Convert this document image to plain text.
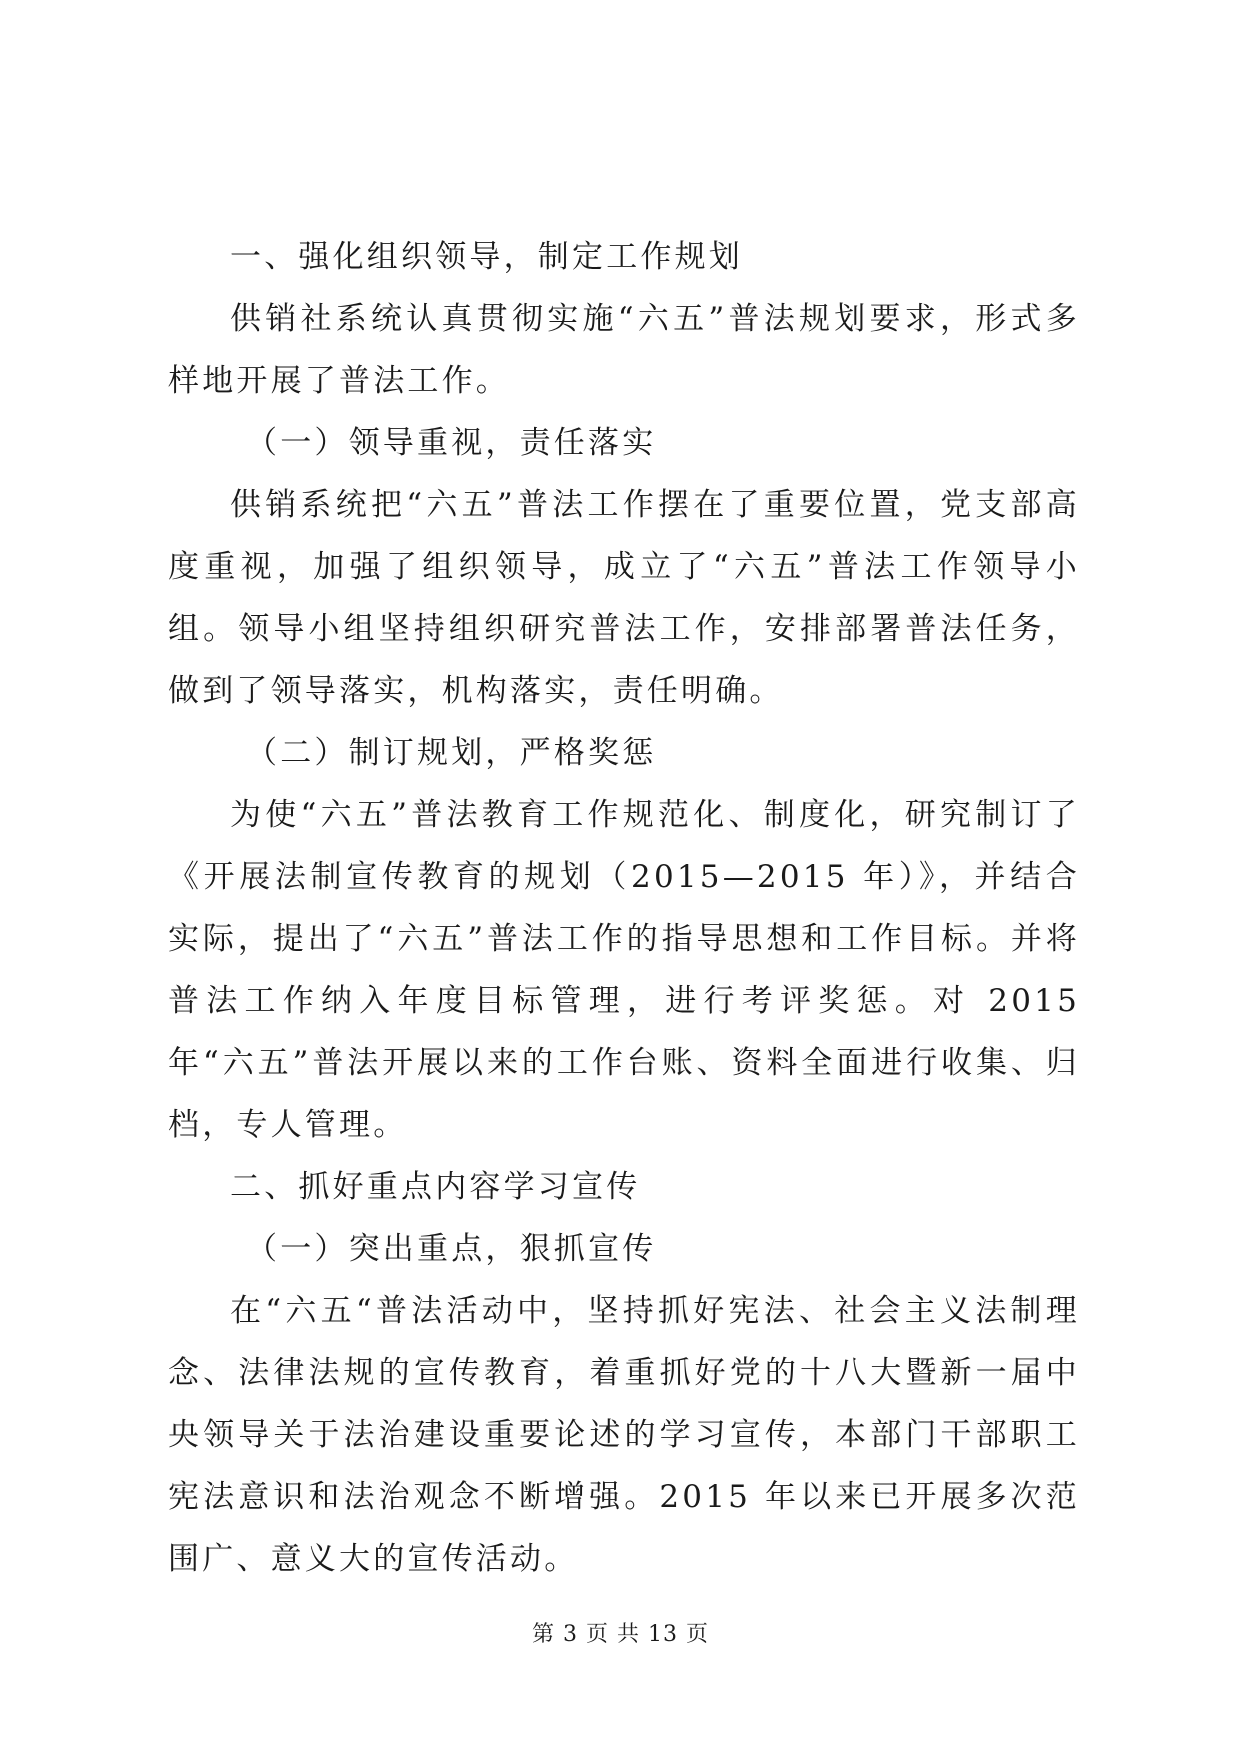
一、强化组织领导，制定工作规划

供销社系统认真贯彻实施“六五”普法规划要求，形式多样地开展了普法工作。

（一）领导重视，责任落实

供销系统把“六五”普法工作摆在了重要位置，党支部高度重视，加强了组织领导，成立了“六五”普法工作领导小组。领导小组坚持组织研究普法工作，安排部署普法任务，做到了领导落实，机构落实，责任明确。

（二）制订规划，严格奖惩

为使“六五”普法教育工作规范化、制度化，研究制订了《开展法制宣传教育的规划（2015—2015 年）》，并结合实际，提出了“六五”普法工作的指导思想和工作目标。并将普法工作纳入年度目标管理，进行考评奖惩。对 2015 年“六五”普法开展以来的工作台账、资料全面进行收集、归档，专人管理。

二、抓好重点内容学习宣传

（一）突出重点，狠抓宣传

在“六五“普法活动中，坚持抓好宪法、社会主义法制理念、法律法规的宣传教育，着重抓好党的十八大暨新一届中央领导关于法治建设重要论述的学习宣传，本部门干部职工宪法意识和法治观念不断增强。2015 年以来已开展多次范围广、意义大的宣传活动。

第 3 页 共 13 页
